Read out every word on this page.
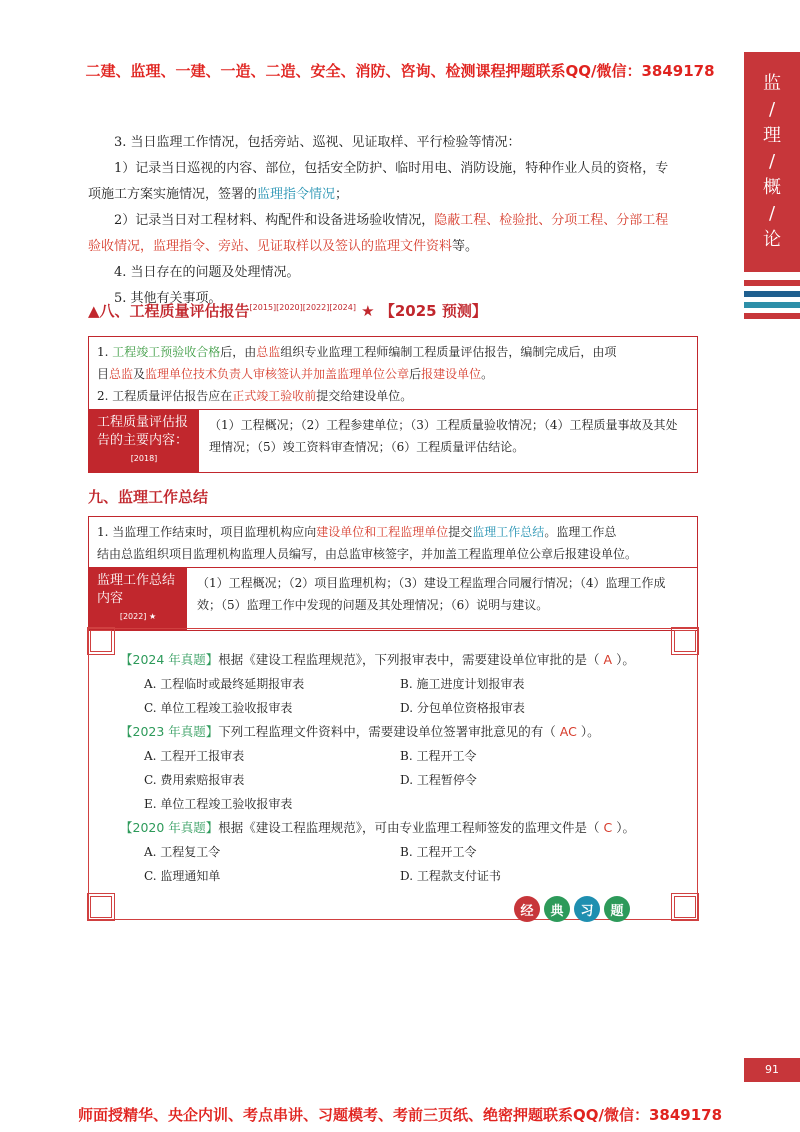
二建、监理、一建、一造、二造、安全、消防、咨询、检测课程押题联系QQ/微信：3849178
监
/
理
/
概
/
论
3. 当日监理工作情况，包括旁站、巡视、见证取样、平行检验等情况：
1）记录当日巡视的内容、部位，包括安全防护、临时用电、消防设施，特种作业人员的资格，专
项施工方案实施情况，签署的监理指令情况；
2）记录当日对工程材料、构配件和设备进场验收情况，隐蔽工程、检验批、分项工程、分部工程
验收情况，监理指令、旁站、见证取样以及签认的监理文件资料等。
4. 当日存在的问题及处理情况。
5. 其他有关事项。
▲八、工程质量评估报告[2015][2020][2022][2024] ★ 【2025 预测】
1. 工程竣工预验收合格后，由总监组织专业监理工程师编制工程质量评估报告，编制完成后，由项
目总监及监理单位技术负责人审核签认并加盖监理单位公章后报建设单位。
2. 工程质量评估报告应在正式竣工验收前提交给建设单位。
工程质量评估报告的主要内容：
[2018]
（1）工程概况；（2）工程参建单位；（3）工程质量验收情况；（4）工程质量事故及其处理情况；（5）竣工资料审查情况；（6）工程质量评估结论。
九、监理工作总结
1. 当监理工作结束时，项目监理机构应向建设单位和工程监理单位提交监理工作总结。监理工作总
结由总监组织项目监理机构监理人员编写，由总监审核签字，并加盖工程监理单位公章后报建设单位。
监理工作总结内容
[2022] ★
（1）工程概况；（2）项目监理机构；（3）建设工程监理合同履行情况；（4）监理工作成效；（5）监理工作中发现的问题及其处理情况；（6）说明与建议。
【2024 年真题】根据《建设工程监理规范》，下列报审表中，需要建设单位审批的是（ A ）。
A. 工程临时或最终延期报审表	B. 施工进度计划报审表
C. 单位工程竣工验收报审表	D. 分包单位资格报审表
【2023 年真题】下列工程监理文件资料中，需要建设单位签署审批意见的有（ AC ）。
A. 工程开工报审表	B. 工程开工令
C. 费用索赔报审表	D. 工程暂停令
E. 单位工程竣工验收报审表
【2020 年真题】根据《建设工程监理规范》，可由专业监理工程师签发的监理文件是（ C ）。
A. 工程复工令	B. 工程开工令
C. 监理通知单	D. 工程款支付证书
经	典	习	题
91
师面授精华、央企内训、考点串讲、习题模考、考前三页纸、绝密押题联系QQ/微信：3849178
